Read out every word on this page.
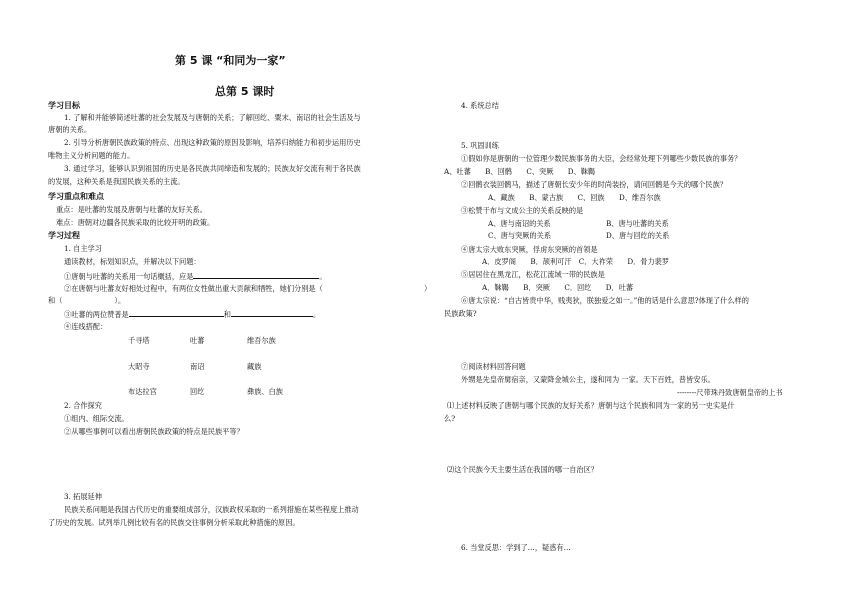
第 5 课 “和同为一家”
总第 5 课时
学习目标
1. 了解和并能够简述吐蕃的社会发展及与唐朝的关系；了解回纥、粟末、南诏的社会生活及与
唐朝的关系。
2. 引导分析唐朝民族政策的特点、出现这种政策的原因及影响，培养归纳能力和初步运用历史
唯物主义分析问题的能力。
3. 通过学习，能够认识到祖国的历史是各民族共同缔造和发展的；民族友好交流有利于各民族
的发展，这种关系是我国民族关系的主流。
学习重点和难点
重点：是吐蕃的发展及唐朝与吐蕃的友好关系。
难点：唐朝对边疆各民族采取的比较开明的政策。
学习过程
1. 自主学习
通读教材，标划知识点，并解决以下问题：
①唐朝与吐蕃的关系用一句话概括，应是	。
②在唐朝与吐蕃友好相处过程中，有两位女性做出重大贡献和牺牲，她们分别是（	）
和（	）。
③吐蕃的两位赞普是	和	。
④连线搭配：
千寻塔	吐蕃	维吾尔族
大昭寺	南诏	藏族
布达拉宫	回纥	彝族、白族
2. 合作探究
①组内、组际交流。
②从哪些事例可以看出唐朝民族政策的特点是民族平等？
3. 拓展延伸
民族关系问题是我国古代历史的重要组成部分，汉族政权采取的一系列措施在某些程度上推动
了历史的发展。试列举几例比较有名的民族交往事例分析采取此种措施的原因。
4. 系统总结
5. 巩固训练
①假如你是唐朝的一位管理少数民族事务的大臣，会经常处理下列哪些少数民族的事务？
A、吐蕃　　B、回鹘　　C、突厥　　D、靺鞨
②回鹘衣装回鹘马，描述了唐朝长安少年的时尚装扮，请问回鹘是今天的哪个民族？
A、藏族　　B、蒙古族　　C、回族　　D、维吾尔族
③松赞干布与文成公主的关系反映的是
A、唐与南诏的关系	B、唐与吐蕃的关系
C、唐与突厥的关系	D、唐与回纥的关系
④唐太宗大败东突厥，俘虏东突厥的首领是
A．皮罗阁　　B．颉利可汗　C．大祚荣　　D．骨力裴罗
⑤居居住在黑龙江，松花江流域一带的民族是
A．靺鞨　　B．突厥　　C．回纥　　D．吐蕃
⑥唐太宗说：“自古皆贵中华，贱夷狄，朕独爱之如一。”他的话是什么意思?体现了什么样的
民族政策?
⑦阅读材料回答问题
外甥是先皇帝舅宿亲，又蒙降金城公主，遂和同为 一家。天下百姓，普皆安乐。
--------尺带珠丹致唐朝皇帝的上书
⑴上述材料反映了唐朝与哪个民族的友好关系？唐朝与这个民族和同为一家的另一史实是什
么?
⑵这个民族今天主要生活在我国的哪一自治区？
6. 当堂反思：学到了…，疑惑有…
